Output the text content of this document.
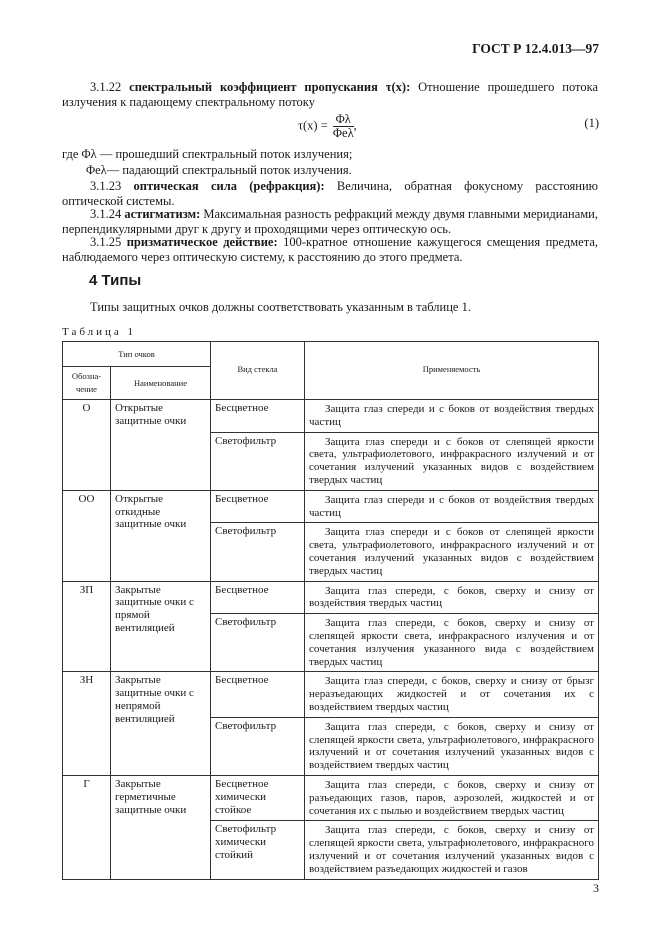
ГОСТ Р 12.4.013—97
3.1.22 спектральный коэффициент пропускания τ(x): Отношение прошедшего потока излучения к падающему спектральному потоку
$\tau(x) = \frac{\Phi\lambda}{\text{Φeλ}}$ ,	(1)
где Φλ — прошедший спектральный поток излучения;
Φeλ— падающий спектральный поток излучения.
3.1.23 оптическая сила (рефракция): Величина, обратная фокусному расстоянию оптической системы.
3.1.24 астигматизм: Максимальная разность рефракций между двумя главными меридианами, перпендикулярными друг к другу и проходящими через оптическую ось.
3.1.25 призматическое действие: 100-кратное отношение кажущегося смещения предмета, наблюдаемого через оптическую систему, к расстоянию до этого предмета.
4 Типы
Типы защитных очков должны соответствовать указанным в таблице 1.
Таблица 1
Тип очков		Вид стекла	Применяемость
Обозна-чение	Наименование		
О	Открытые защитные очки	Бесцветное	Защита глаз спереди и с боков от воздействия твердых частиц
		Светофильтр	Защита глаз спереди и с боков от слепящей яркости света, ультрафиолетового, инфракрасного излучений и от сочетания излучений указанных видов с воздействием твердых частиц
ОО	Открытые откидные защитные очки	Бесцветное	Защита глаз спереди и с боков от воздействия твердых частиц
		Светофильтр	Защита глаз спереди и с боков от слепящей яркости света, ультрафиолетового, инфракрасного излучений и от сочетания излучений указанных видов с воздействием твердых частиц
ЗП	Закрытые защитные очки с прямой вентиляцией	Бесцветное	Защита глаз спереди, с боков, сверху и снизу от воздействия твердых частиц
		Светофильтр	Защита глаз спереди, с боков, сверху и снизу от слепящей яркости света, инфракрасного излучения и от сочетания излучения указанного вида с воздействием твердых частиц
ЗН	Закрытые защитные очки с непрямой вентиляцией	Бесцветное	Защита глаз спереди, с боков, сверху и снизу от брызг неразъедающих жидкостей и от сочетания их с воздействием твердых частиц
		Светофильтр	Защита глаз спереди, с боков, сверху и снизу от слепящей яркости света, ультрафиолетового, инфракрасного излучений и от сочетания излучений указанных видов с воздействием твердых частиц
Г	Закрытые герметичные защитные очки	Бесцветное химически стойкое	Защита глаз спереди, с боков, сверху и снизу от разъедающих газов, паров, аэрозолей, жидкостей и от сочетания их с пылью и воздействием твердых частиц
		Светофильтр химически стойкий	Защита глаз спереди, с боков, сверху и снизу от слепящей яркости света, ультрафиолетового, инфракрасного излучений и от сочетания излучений указанных видов с воздействием разъедающих жидкостей и газов
3
